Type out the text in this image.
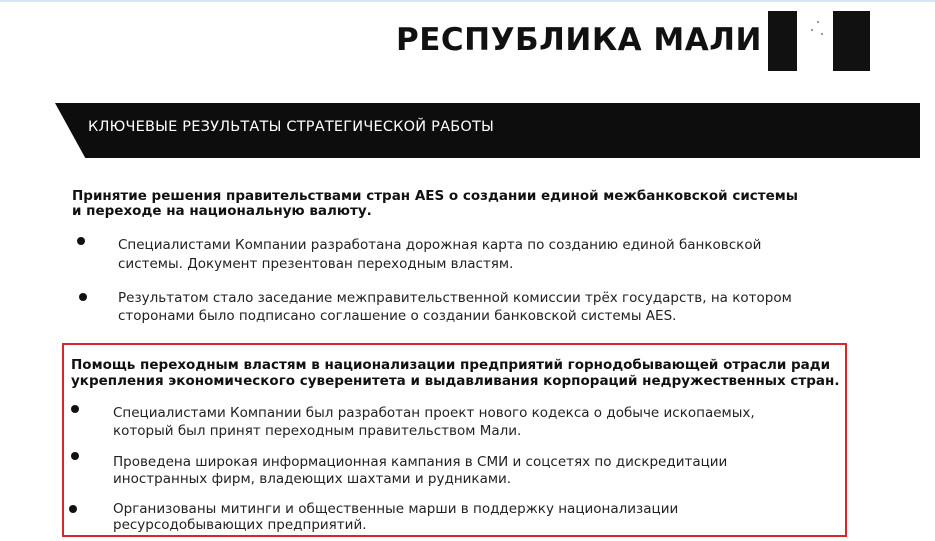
РЕСПУБЛИКА МАЛИ
КЛЮЧЕВЫЕ РЕЗУЛЬТАТЫ СТРАТЕГИЧЕСКОЙ РАБОТЫ
Принятие решения правительствами стран AES о создании единой межбанковской системы
и переходе на национальную валюту.
Специалистами Компании разработана дорожная карта по созданию единой банковской
системы. Документ презентован переходным властям.
Результатом стало заседание межправительственной комиссии трёх государств, на котором
сторонами было подписано соглашение о создании банковской системы AES.
Помощь переходным властям в национализации предприятий горнодобывающей отрасли ради
укрепления экономического суверенитета и выдавливания корпораций недружественных стран.
Специалистами Компании был разработан проект нового кодекса о добыче ископаемых,
который был принят переходным правительством Мали.
Проведена широкая информационная кампания в СМИ и соцсетях по дискредитации
иностранных фирм, владеющих шахтами и рудниками.
Организованы митинги и общественные марши в поддержку национализации
ресурсодобывающих предприятий.
